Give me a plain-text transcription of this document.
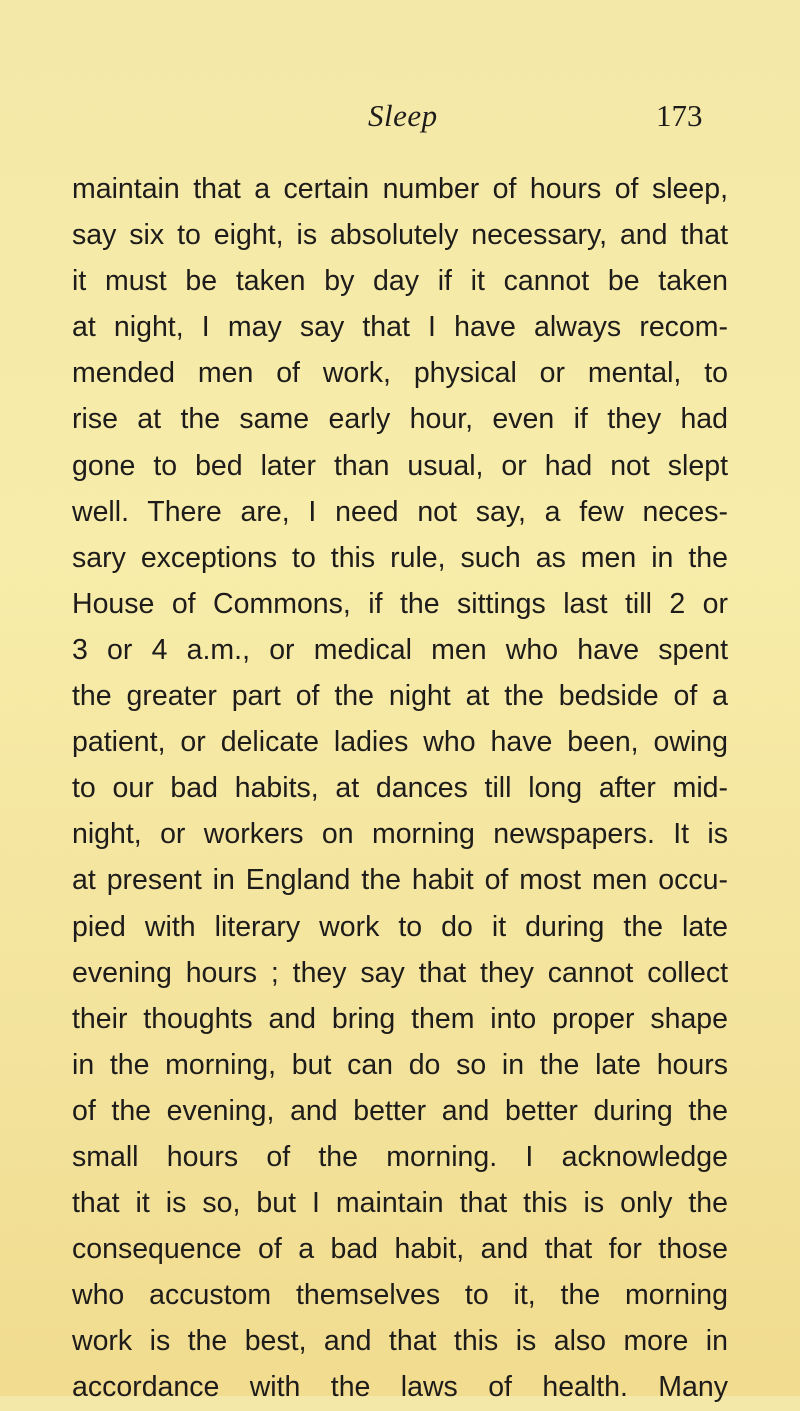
Sleep	173
maintain that a certain number of hours of sleep,
say six to eight, is absolutely necessary, and that
it must be taken by day if it cannot be taken
at night, I may say that I have always recom-
mended men of work, physical or mental, to
rise at the same early hour, even if they had
gone to bed later than usual, or had not slept
well. There are, I need not say, a few neces-
sary exceptions to this rule, such as men in the
House of Commons, if the sittings last till 2 or
3 or 4 a.m., or medical men who have spent
the greater part of the night at the bedside of a
patient, or delicate ladies who have been, owing
to our bad habits, at dances till long after mid-
night, or workers on morning newspapers. It is
at present in England the habit of most men occu-
pied with literary work to do it during the late
evening hours ; they say that they cannot collect
their thoughts and bring them into proper shape
in the morning, but can do so in the late hours
of the evening, and better and better during the
small hours of the morning. I acknowledge
that it is so, but I maintain that this is only the
consequence of a bad habit, and that for those
who accustom themselves to it, the morning
work is the best, and that this is also more in
accordance with the laws of health. Many
